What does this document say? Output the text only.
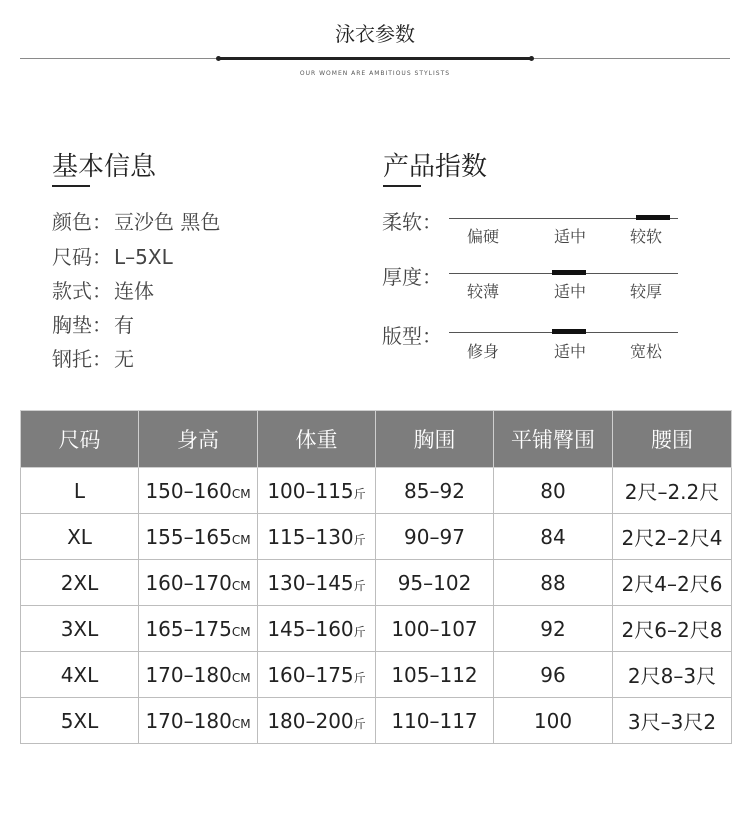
泳衣参数
OUR WOMEN ARE AMBITIOUS STYLISTS
基本信息
颜色： 豆沙色 黑色
尺码： L–5XL
款式： 连体
胸垫： 有
钢托： 无
产品指数
柔软：
偏硬	适中	较软
厚度：
较薄	适中	较厚
版型：
修身	适中	宽松
尺码	身高	体重	胸围	平铺臀围	腰围
L	150–160CM	100–115斤	85–92	80	2尺–2.2尺
XL	155–165CM	115–130斤	90–97	84	2尺2–2尺4
2XL	160–170CM	130–145斤	95–102	88	2尺4–2尺6
3XL	165–175CM	145–160斤	100–107	92	2尺6–2尺8
4XL	170–180CM	160–175斤	105–112	96	2尺8–3尺
5XL	170–180CM	180–200斤	110–117	100	3尺–3尺2
